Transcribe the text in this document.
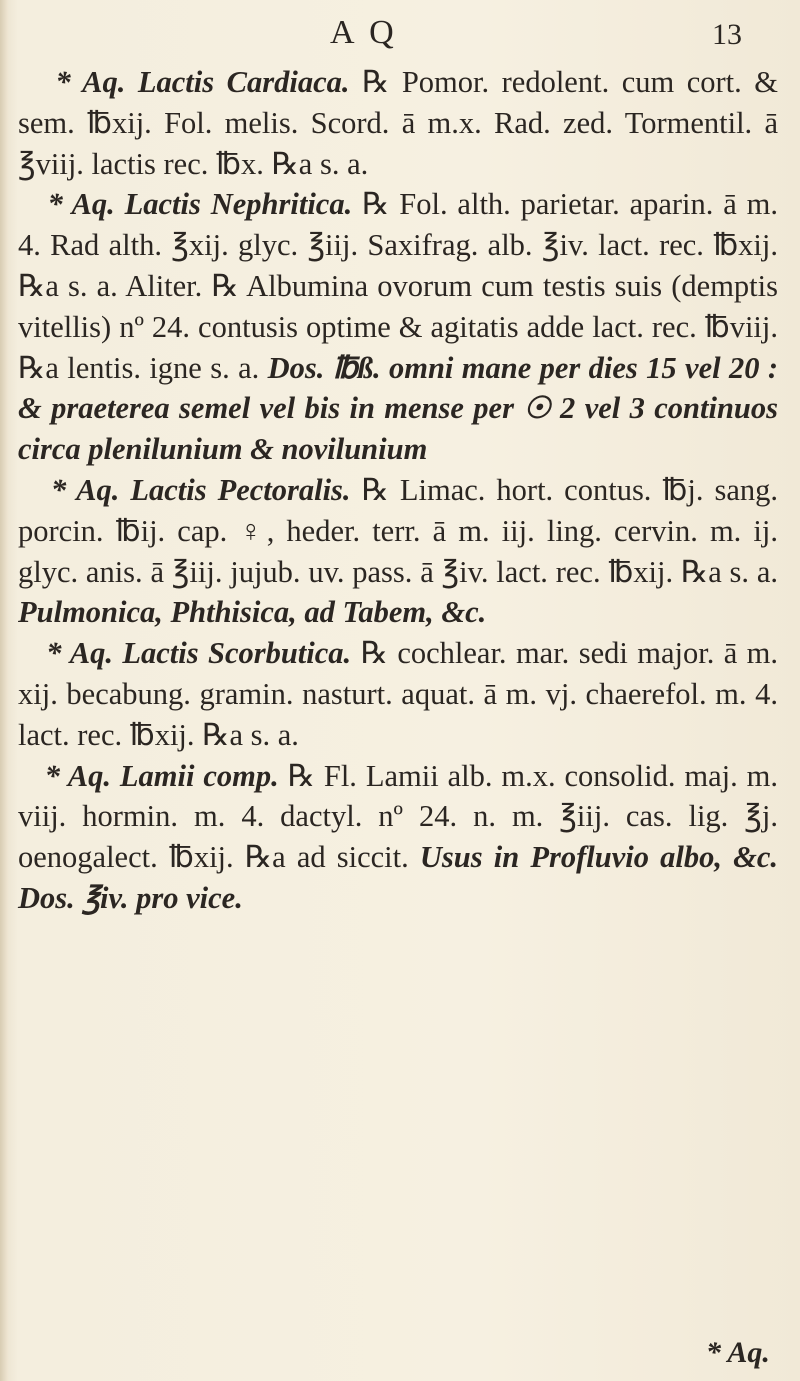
A Q	13

* Aq. Lactis Cardiaca. ℞ Pomor. redolent. cum cort. & sem. ℔xij. Fol. melis. Scord. ā m.x. Rad. zed. Tormentil. ā ℥viij. lactis rec. ℔x. ℞a s. a.

* Aq. Lactis Nephritica. ℞ Fol. alth. parietar. aparin. ā m. 4. Rad alth. ℥xij. glyc. ℥iij. Saxifrag. alb. ℥iv. lact. rec. ℔xij. ℞a s. a. Aliter. ℞ Albumina ovorum cum testis suis (demptis vitellis) nº 24. contusis optime & agitatis adde lact. rec. ℔viij. ℞a lentis. igne s. a. Dos. ℔ß. omni mane per dies 15 vel 20 : & praeterea semel vel bis in mense per ☉ 2 vel 3 continuos circa plenilunium & novilunium

* Aq. Lactis Pectoralis. ℞ Limac. hort. contus. ℔j. sang. porcin. ℔ij. cap. ♀, heder. terr. ā m. iij. ling. cervin. m. ij. glyc. anis. ā ℥iij. jujub. uv. pass. ā ℥iv. lact. rec. ℔xij. ℞a s. a. Pulmonica, Phthisica, ad Tabem, &c.

* Aq. Lactis Scorbutica. ℞ cochlear. mar. sedi major. ā m. xij. becabung. gramin. nasturt. aquat. ā m. vj. chaerefol. m. 4. lact. rec. ℔xij. ℞a s. a.

* Aq. Lamii comp. ℞ Fl. Lamii alb. m.x. consolid. maj. m. viij. hormin. m. 4. dactyl. nº 24. n. m. ℥iij. cas. lig. ℥j. oenogalect. ℔xij. ℞a ad siccit. Usus in Profluvio albo, &c. Dos. ℥iv. pro vice.

* Aq.
